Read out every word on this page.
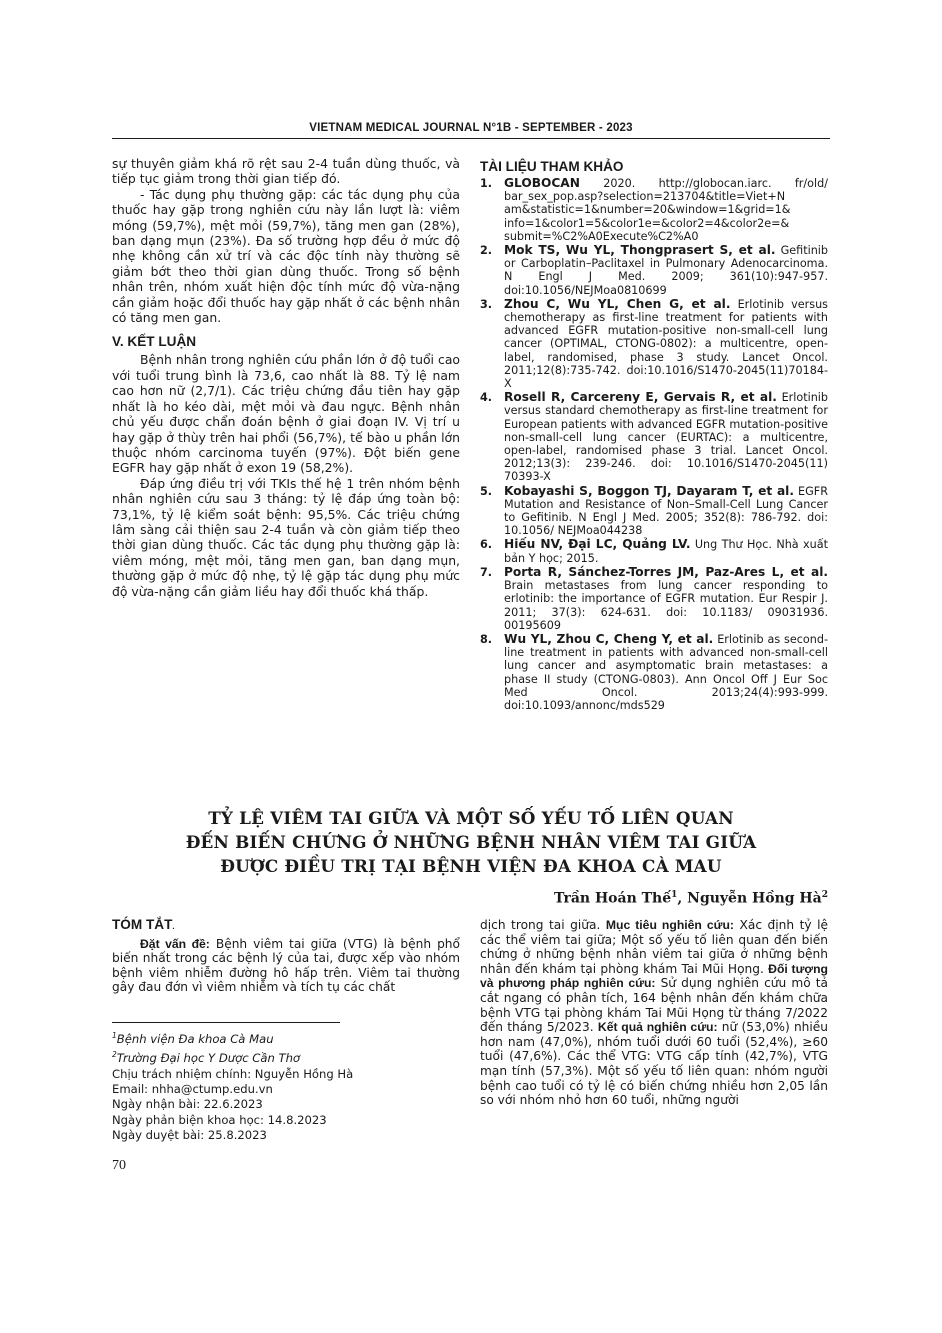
VIETNAM MEDICAL JOURNAL N°1B - SEPTEMBER - 2023

sự thuyên giảm khá rõ rệt sau 2-4 tuần dùng thuốc, và tiếp tục giảm trong thời gian tiếp đó.

- Tác dụng phụ thường gặp: các tác dụng phụ của thuốc hay gặp trong nghiên cứu này lần lượt là: viêm móng (59,7%), mệt mỏi (59,7%), tăng men gan (28%), ban dạng mụn (23%). Đa số trường hợp đều ở mức độ nhẹ không cần xử trí và các độc tính này thường sẽ giảm bớt theo thời gian dùng thuốc. Trong số bệnh nhân trên, nhóm xuất hiện độc tính mức độ vừa-nặng cần giảm hoặc đổi thuốc hay gặp nhất ở các bệnh nhân có tăng men gan.

V. KẾT LUẬN

Bệnh nhân trong nghiên cứu phần lớn ở độ tuổi cao với tuổi trung bình là 73,6, cao nhất là 88. Tỷ lệ nam cao hơn nữ (2,7/1). Các triệu chứng đầu tiên hay gặp nhất là ho kéo dài, mệt mỏi và đau ngực. Bệnh nhân chủ yếu được chẩn đoán bệnh ở giai đoạn IV. Vị trí u hay gặp ở thùy trên hai phổi (56,7%), tế bào u phần lớn thuộc nhóm carcinoma tuyến (97%). Đột biến gene EGFR hay gặp nhất ở exon 19 (58,2%).

Đáp ứng điều trị với TKIs thế hệ 1 trên nhóm bệnh nhân nghiên cứu sau 3 tháng: tỷ lệ đáp ứng toàn bộ: 73,1%, tỷ lệ kiểm soát bệnh: 95,5%. Các triệu chứng lâm sàng cải thiện sau 2-4 tuần và còn giảm tiếp theo thời gian dùng thuốc. Các tác dụng phụ thường gặp là: viêm móng, mệt mỏi, tăng men gan, ban dạng mụn, thường gặp ở mức độ nhẹ, tỷ lệ gặp tác dụng phụ mức độ vừa-nặng cần giảm liều hay đổi thuốc khá thấp.

TÀI LIỆU THAM KHẢO
1. GLOBOCAN 2020. http://globocan.iarc. fr/old/ bar_sex_pop.asp?selection=213704&title=Viet+N am&statistic=1&number=20&window=1&grid=1& info=1&color1=5&color1e=&color2=4&color2e=& submit=%C2%A0Execute%C2%A0
2. Mok TS, Wu YL, Thongprasert S, et al. Gefitinib or Carboplatin–Paclitaxel in Pulmonary Adenocarcinoma. N Engl J Med. 2009; 361(10):947-957. doi:10.1056/NEJMoa0810699
3. Zhou C, Wu YL, Chen G, et al. Erlotinib versus chemotherapy as first-line treatment for patients with advanced EGFR mutation-positive non-small-cell lung cancer (OPTIMAL, CTONG-0802): a multicentre, open-label, randomised, phase 3 study. Lancet Oncol. 2011;12(8):735-742. doi:10.1016/S1470-2045(11)70184-X
4. Rosell R, Carcereny E, Gervais R, et al. Erlotinib versus standard chemotherapy as first-line treatment for European patients with advanced EGFR mutation-positive non-small-cell lung cancer (EURTAC): a multicentre, open-label, randomised phase 3 trial. Lancet Oncol. 2012;13(3): 239-246. doi: 10.1016/S1470-2045(11) 70393-X
5. Kobayashi S, Boggon TJ, Dayaram T, et al. EGFR Mutation and Resistance of Non–Small-Cell Lung Cancer to Gefitinib. N Engl J Med. 2005; 352(8): 786-792. doi: 10.1056/ NEJMoa044238
6. Hiếu NV, Đại LC, Quảng LV. Ung Thư Học. Nhà xuất bản Y học; 2015.
7. Porta R, Sánchez-Torres JM, Paz-Ares L, et al. Brain metastases from lung cancer responding to erlotinib: the importance of EGFR mutation. Eur Respir J. 2011; 37(3): 624-631. doi: 10.1183/ 09031936. 00195609
8. Wu YL, Zhou C, Cheng Y, et al. Erlotinib as second-line treatment in patients with advanced non-small-cell lung cancer and asymptomatic brain metastases: a phase II study (CTONG-0803). Ann Oncol Off J Eur Soc Med Oncol. 2013;24(4):993-999. doi:10.1093/annonc/mds529
TỶ LỆ VIÊM TAI GIỮA VÀ MỘT SỐ YẾU TỐ LIÊN QUAN
ĐẾN BIẾN CHỨNG Ở NHỮNG BỆNH NHÂN VIÊM TAI GIỮA
ĐƯỢC ĐIỀU TRỊ TẠI BỆNH VIỆN ĐA KHOA CÀ MAU
Trần Hoán Thế$^1$, Nguyễn Hồng $Hà^2$
TÓM TẮT.

Đặt vấn đề: Bệnh viêm tai giữa (VTG) là bệnh phổ biến nhất trong các bệnh lý của tai, được xếp vào nhóm bệnh viêm nhiễm đường hô hấp trên. Viêm tai thường gây đau đớn vì viêm nhiễm và tích tụ các chất

dịch trong tai giữa. Mục tiêu nghiên cứu: Xác định tỷ lệ các thể viêm tai giữa; Một số yếu tố liên quan đến biến chứng ở những bệnh nhân viêm tai giữa ở những bệnh nhân đến khám tại phòng khám Tai Mũi Họng. Đối tượng và phương pháp nghiên cứu: Sử dụng nghiên cứu mô tả cắt ngang có phân tích, 164 bệnh nhân đến khám chữa bệnh VTG tại phòng khám Tai Mũi Họng từ tháng 7/2022 đến tháng 5/2023. Kết quả nghiên cứu: nữ (53,0%) nhiều hơn nam (47,0%), nhóm tuổi dưới 60 tuổi (52,4%), ≥60 tuổi (47,6%). Các thể VTG: VTG cấp tính (42,7%), VTG mạn tính (57,3%). Một số yếu tố liên quan: nhóm người bệnh cao tuổi có tỷ lệ có biến chứng nhiều hơn 2,05 lần so với nhóm nhỏ hơn 60 tuổi, những người

$^1$Bệnh viện Đa khoa Cà Mau
$^2$Trường Đại học Y Dược Cần Thơ
Chịu trách nhiệm chính: Nguyễn Hồng Hà
Email: nhha@ctump.edu.vn
Ngày nhận bài: 22.6.2023
Ngày phản biện khoa học: 14.8.2023
Ngày duyệt bài: 25.8.2023
70
